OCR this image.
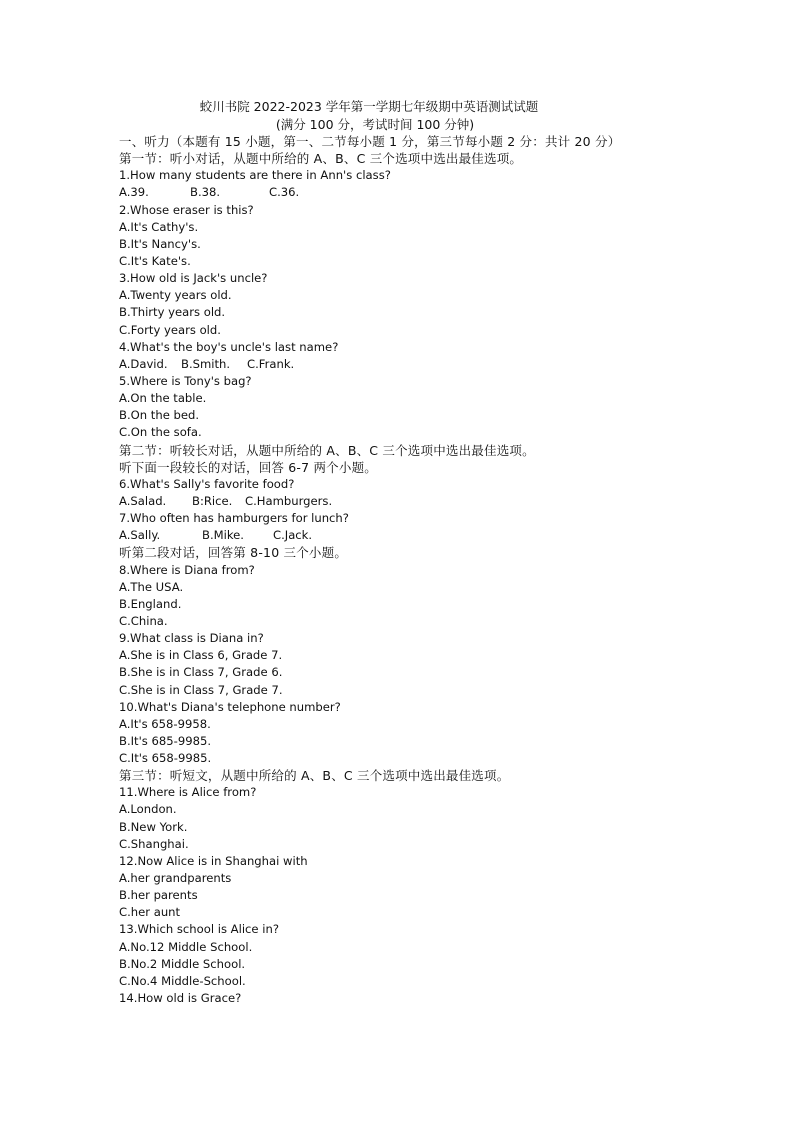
蛟川书院 2022-2023 学年第一学期七年级期中英语测试试题
(满分 100 分，考试时间 100 分钟)
一、听力（本题有 15 小题，第一、二节每小题 1 分，第三节每小题 2 分：共计 20 分）
第一节：听小对话，从题中所给的 A、B、C 三个选项中选出最佳选项。
1.How many students are there in Ann's class?
A.39.	B.38.	C.36.
2.Whose eraser is this?
A.It's Cathy's.
B.It's Nancy's.
C.It's Kate's.
3.How old is Jack's uncle?
A.Twenty years old.
B.Thirty years old.
C.Forty years old.
4.What's the boy's uncle's last name?
A.David. B.Smith. C.Frank.
5.Where is Tony's bag?
A.On the table.
B.On the bed.
C.On the sofa.
第二节：听较长对话，从题中所给的 A、B、C 三个选项中选出最佳选项。
听下面一段较长的对话，回答 6-7 两个小题。
6.What's Sally's favorite food?
A.Salad. B:Rice. C.Hamburgers.
7.Who often has hamburgers for lunch?
A.Sally.	B.Mike.	C.Jack.
听第二段对话，回答第 8-10 三个小题。
8.Where is Diana from?
A.The USA.
B.England.
C.China.
9.What class is Diana in?
A.She is in Class 6, Grade 7.
B.She is in Class 7, Grade 6.
C.She is in Class 7, Grade 7.
10.What's Diana's telephone number?
A.It's 658-9958.
B.It's 685-9985.
C.It's 658-9985.
第三节：听短文，从题中所给的 A、B、C 三个选项中选出最佳选项。
11.Where is Alice from?
A.London.
B.New York.
C.Shanghai.
12.Now Alice is in Shanghai with
A.her grandparents
B.her parents
C.her aunt
13.Which school is Alice in?
A.No.12 Middle School.
B.No.2 Middle School.
C.No.4 Middle-School.
14.How old is Grace?
